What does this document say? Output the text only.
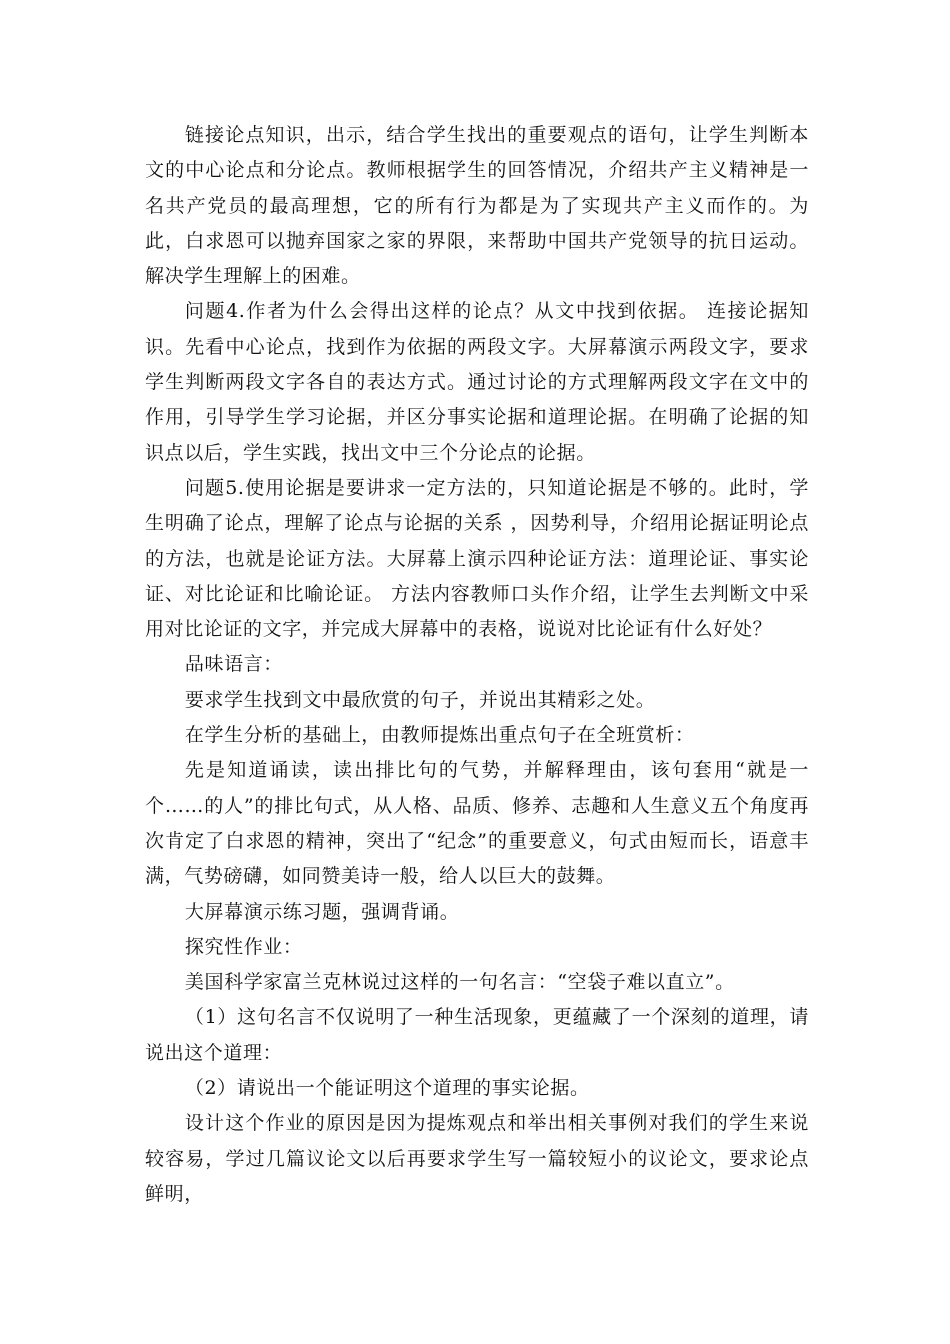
链接论点知识，出示，结合学生找出的重要观点的语句，让学生判断本文的中心论点和分论点。教师根据学生的回答情况，介绍共产主义精神是一名共产党员的最高理想，它的所有行为都是为了实现共产主义而作的。为此，白求恩可以抛弃国家之家的界限，来帮助中国共产党领导的抗日运动。解决学生理解上的困难。

问题4.作者为什么会得出这样的论点？从文中找到依据。 连接论据知识。先看中心论点，找到作为依据的两段文字。大屏幕演示两段文字，要求学生判断两段文字各自的表达方式。通过讨论的方式理解两段文字在文中的作用，引导学生学习论据，并区分事实论据和道理论据。在明确了论据的知识点以后，学生实践，找出文中三个分论点的论据。

问题5.使用论据是要讲求一定方法的，只知道论据是不够的。此时，学生明确了论点，理解了论点与论据的关系 ，因势利导，介绍用论据证明论点的方法，也就是论证方法。大屏幕上演示四种论证方法：道理论证、事实论证、对比论证和比喻论证。 方法内容教师口头作介绍，让学生去判断文中采用对比论证的文字，并完成大屏幕中的表格，说说对比论证有什么好处？

品味语言：

要求学生找到文中最欣赏的句子，并说出其精彩之处。

在学生分析的基础上，由教师提炼出重点句子在全班赏析：

先是知道诵读，读出排比句的气势，并解释理由，该句套用“就是一个……的人”的排比句式，从人格、品质、修养、志趣和人生意义五个角度再次肯定了白求恩的精神，突出了“纪念”的重要意义，句式由短而长，语意丰满，气势磅礴，如同赞美诗一般，给人以巨大的鼓舞。

大屏幕演示练习题，强调背诵。

探究性作业：

美国科学家富兰克林说过这样的一句名言：“空袋子难以直立”。

（1）这句名言不仅说明了一种生活现象，更蕴藏了一个深刻的道理，请说出这个道理：

（2）请说出一个能证明这个道理的事实论据。

设计这个作业的原因是因为提炼观点和举出相关事例对我们的学生来说较容易，学过几篇议论文以后再要求学生写一篇较短小的议论文，要求论点鲜明，
